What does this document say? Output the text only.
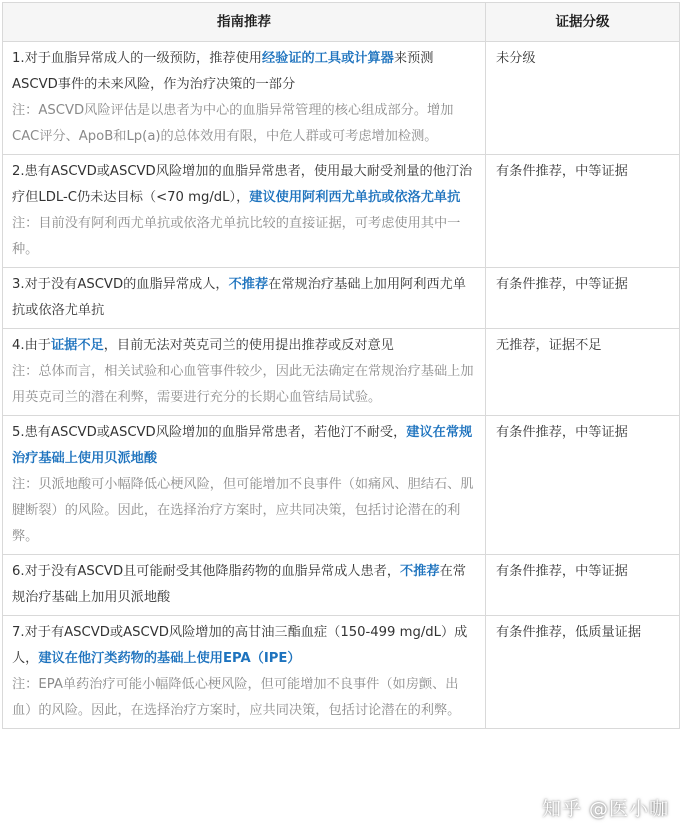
指南推荐	证据分级
1.对于血脂异常成人的一级预防，推荐使用经验证的工具或计算器来预测ASCVD事件的未来风险，作为治疗决策的一部分
注：ASCVD风险评估是以患者为中心的血脂异常管理的核心组成部分。增加CAC评分、ApoB和Lp(a)的总体效用有限，中危人群或可考虑增加检测。	未分级
2.患有ASCVD或ASCVD风险增加的血脂异常患者，使用最大耐受剂量的他汀治疗但LDL-C仍未达目标（<70 mg/dL），建议使用阿利西尤单抗或依洛尤单抗
注：目前没有阿利西尤单抗或依洛尤单抗比较的直接证据，可考虑使用其中一种。	有条件推荐，中等证据
3.对于没有ASCVD的血脂异常成人，不推荐在常规治疗基础上加用阿利西尤单抗或依洛尤单抗	有条件推荐，中等证据
4.由于证据不足，目前无法对英克司兰的使用提出推荐或反对意见
注：总体而言，相关试验和心血管事件较少，因此无法确定在常规治疗基础上加用英克司兰的潜在利弊，需要进行充分的长期心血管结局试验。	无推荐，证据不足
5.患有ASCVD或ASCVD风险增加的血脂异常患者，若他汀不耐受，建议在常规治疗基础上使用贝派地酸
注：贝派地酸可小幅降低心梗风险，但可能增加不良事件（如痛风、胆结石、肌腱断裂）的风险。因此，在选择治疗方案时，应共同决策，包括讨论潜在的利弊。	有条件推荐，中等证据
6.对于没有ASCVD且可能耐受其他降脂药物的血脂异常成人患者，不推荐在常规治疗基础上加用贝派地酸	有条件推荐，中等证据
7.对于有ASCVD或ASCVD风险增加的高甘油三酯血症（150-499 mg/dL）成人，建议在他汀类药物的基础上使用EPA（IPE）
注：EPA单药治疗可能小幅降低心梗风险，但可能增加不良事件（如房颤、出血）的风险。因此，在选择治疗方案时，应共同决策，包括讨论潜在的利弊。	有条件推荐，低质量证据
知乎 @医小咖
